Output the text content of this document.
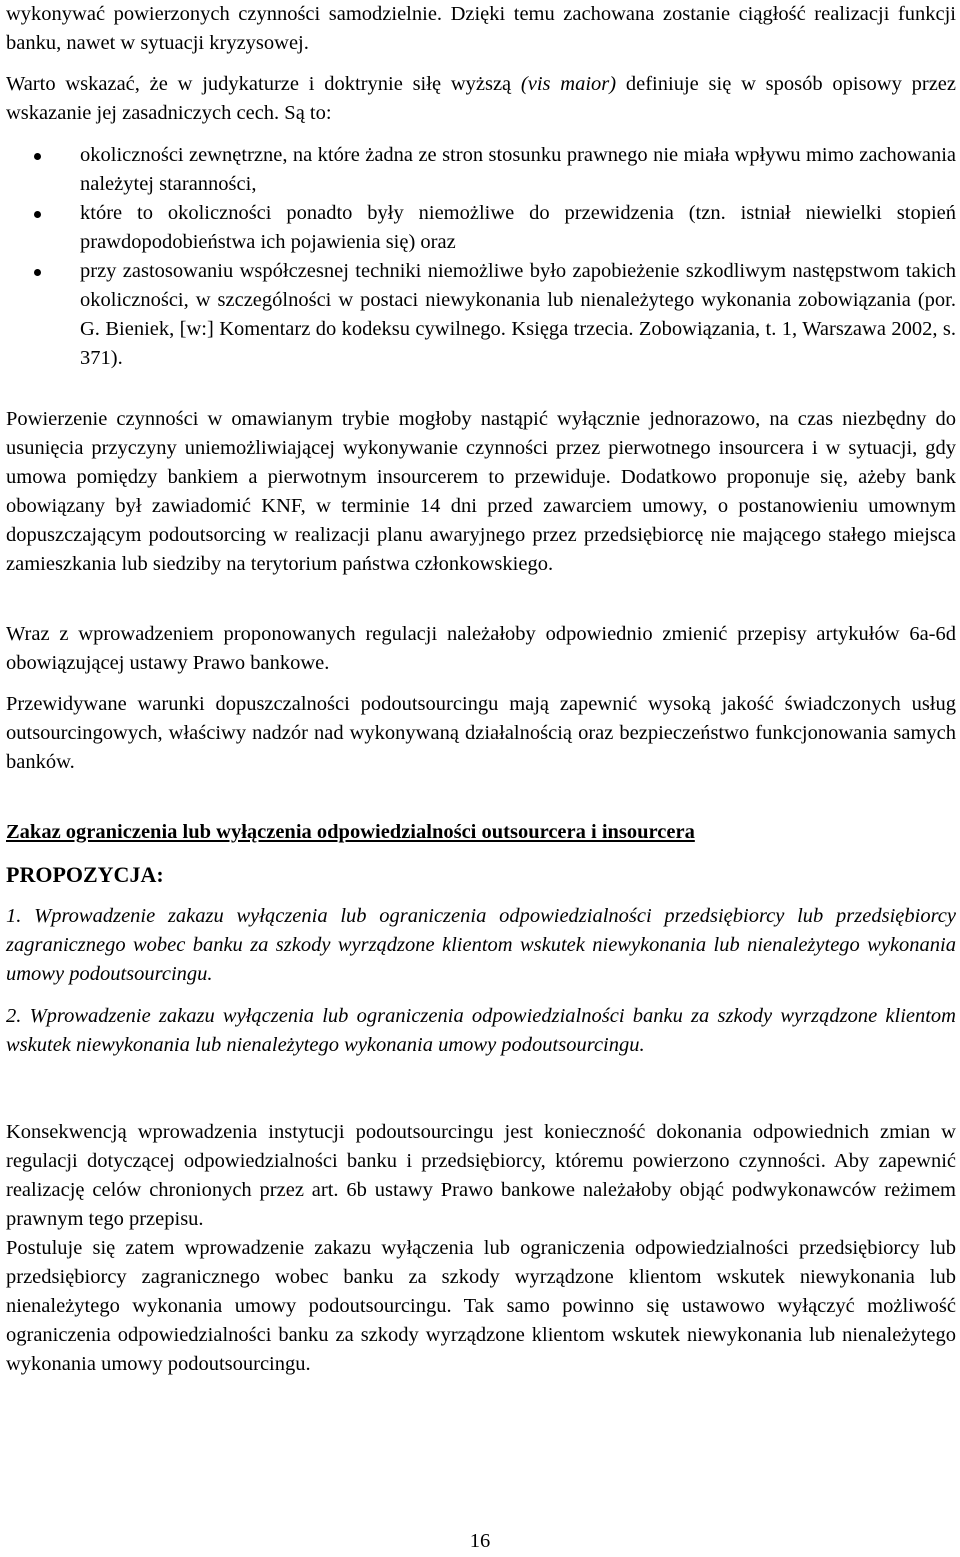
wykonywać powierzonych czynności samodzielnie. Dzięki temu zachowana zostanie ciągłość realizacji funkcji banku, nawet w sytuacji kryzysowej.

Warto wskazać, że w judykaturze i doktrynie siłę wyższą (vis maior) definiuje się w sposób opisowy przez wskazanie jej zasadniczych cech. Są to:

okoliczności zewnętrzne, na które żadna ze stron stosunku prawnego nie miała wpływu mimo zachowania należytej staranności,
które to okoliczności ponadto były niemożliwe do przewidzenia (tzn. istniał niewielki stopień prawdopodobieństwa ich pojawienia się) oraz
przy zastosowaniu współczesnej techniki niemożliwe było zapobieżenie szkodliwym następstwom takich okoliczności, w szczególności w postaci niewykonania lub nienależytego wykonania zobowiązania (por. G. Bieniek, [w:] Komentarz do kodeksu cywilnego. Księga trzecia. Zobowiązania, t. 1, Warszawa 2002, s. 371).

Powierzenie czynności w omawianym trybie mogłoby nastąpić wyłącznie jednorazowo, na czas niezbędny do usunięcia przyczyny uniemożliwiającej wykonywanie czynności przez pierwotnego insourcera i w sytuacji, gdy umowa pomiędzy bankiem a pierwotnym insourcerem to przewiduje. Dodatkowo proponuje się, ażeby bank obowiązany był zawiadomić KNF, w terminie 14 dni przed zawarciem umowy, o postanowieniu umownym dopuszczającym podoutsorcing w realizacji planu awaryjnego przez przedsiębiorcę nie mającego stałego miejsca zamieszkania lub siedziby na terytorium państwa członkowskiego.

Wraz z wprowadzeniem proponowanych regulacji należałoby odpowiednio zmienić przepisy artykułów 6a-6d obowiązującej ustawy Prawo bankowe.

Przewidywane warunki dopuszczalności podoutsourcingu mają zapewnić wysoką jakość świadczonych usług outsourcingowych, właściwy nadzór nad wykonywaną działalnością oraz bezpieczeństwo funkcjonowania samych banków.

Zakaz ograniczenia lub wyłączenia odpowiedzialności outsourcera i insourcera
PROPOZYCJA:

1. Wprowadzenie zakazu wyłączenia lub ograniczenia odpowiedzialności przedsiębiorcy lub przedsiębiorcy zagranicznego wobec banku za szkody wyrządzone klientom wskutek niewykonania lub nienależytego wykonania umowy podoutsourcingu.

2. Wprowadzenie zakazu wyłączenia lub ograniczenia odpowiedzialności banku za szkody wyrządzone klientom wskutek niewykonania lub nienależytego wykonania umowy podoutsourcingu.

Konsekwencją wprowadzenia instytucji podoutsourcingu jest konieczność dokonania odpowiednich zmian w regulacji dotyczącej odpowiedzialności banku i przedsiębiorcy, któremu powierzono czynności. Aby zapewnić realizację celów chronionych przez art. 6b ustawy Prawo bankowe należałoby objąć podwykonawców reżimem prawnym tego przepisu.

Postuluje się zatem wprowadzenie zakazu wyłączenia lub ograniczenia odpowiedzialności przedsiębiorcy lub przedsiębiorcy zagranicznego wobec banku za szkody wyrządzone klientom wskutek niewykonania lub nienależytego wykonania umowy podoutsourcingu. Tak samo powinno się ustawowo wyłączyć możliwość ograniczenia odpowiedzialności banku za szkody wyrządzone klientom wskutek niewykonania lub nienależytego wykonania umowy podoutsourcingu.

16
